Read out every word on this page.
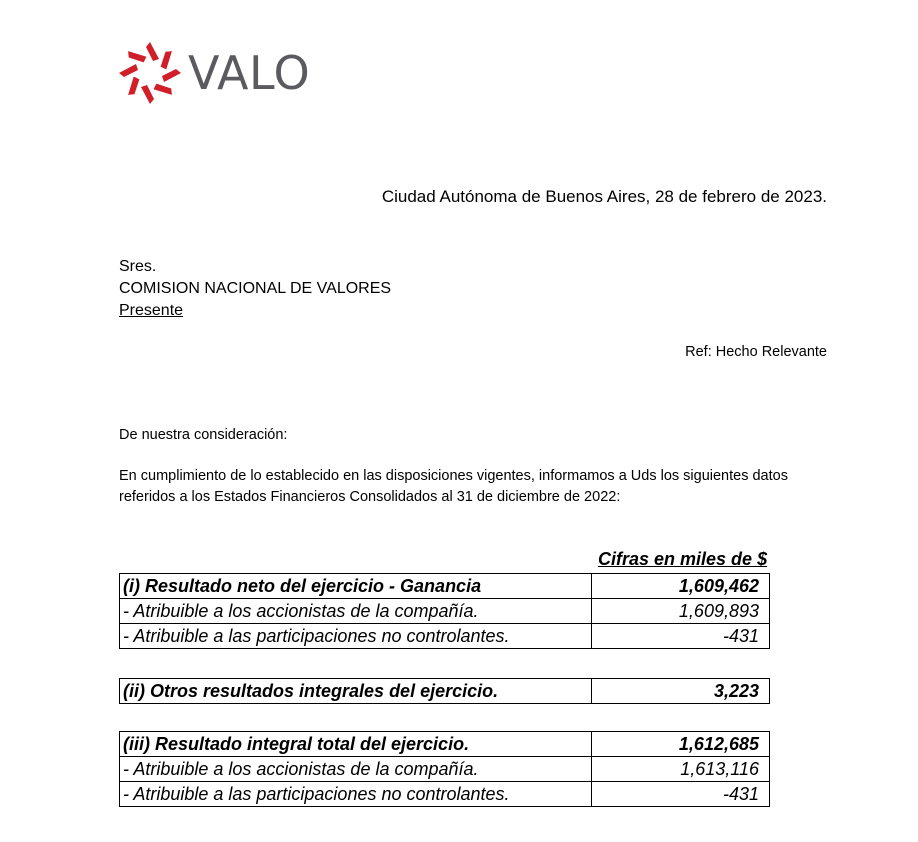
VALO
Ciudad Autónoma de Buenos Aires, 28 de febrero de 2023.
Sres.
COMISION NACIONAL DE VALORES
Presente
Ref: Hecho Relevante
De nuestra consideración:
En cumplimiento de lo establecido en las disposiciones vigentes, informamos a Uds los siguientes datos referidos a los Estados Financieros Consolidados al 31 de diciembre de 2022:
Cifras en miles de $
(i) Resultado neto del ejercicio - Ganancia	1,609,462
- Atribuible a los accionistas de la compañía.	1,609,893
- Atribuible a las participaciones no controlantes.	-431
(ii) Otros resultados integrales del ejercicio.	3,223
(iii) Resultado integral total del ejercicio.	1,612,685
- Atribuible a los accionistas de la compañía.	1,613,116
- Atribuible a las participaciones no controlantes.	-431
